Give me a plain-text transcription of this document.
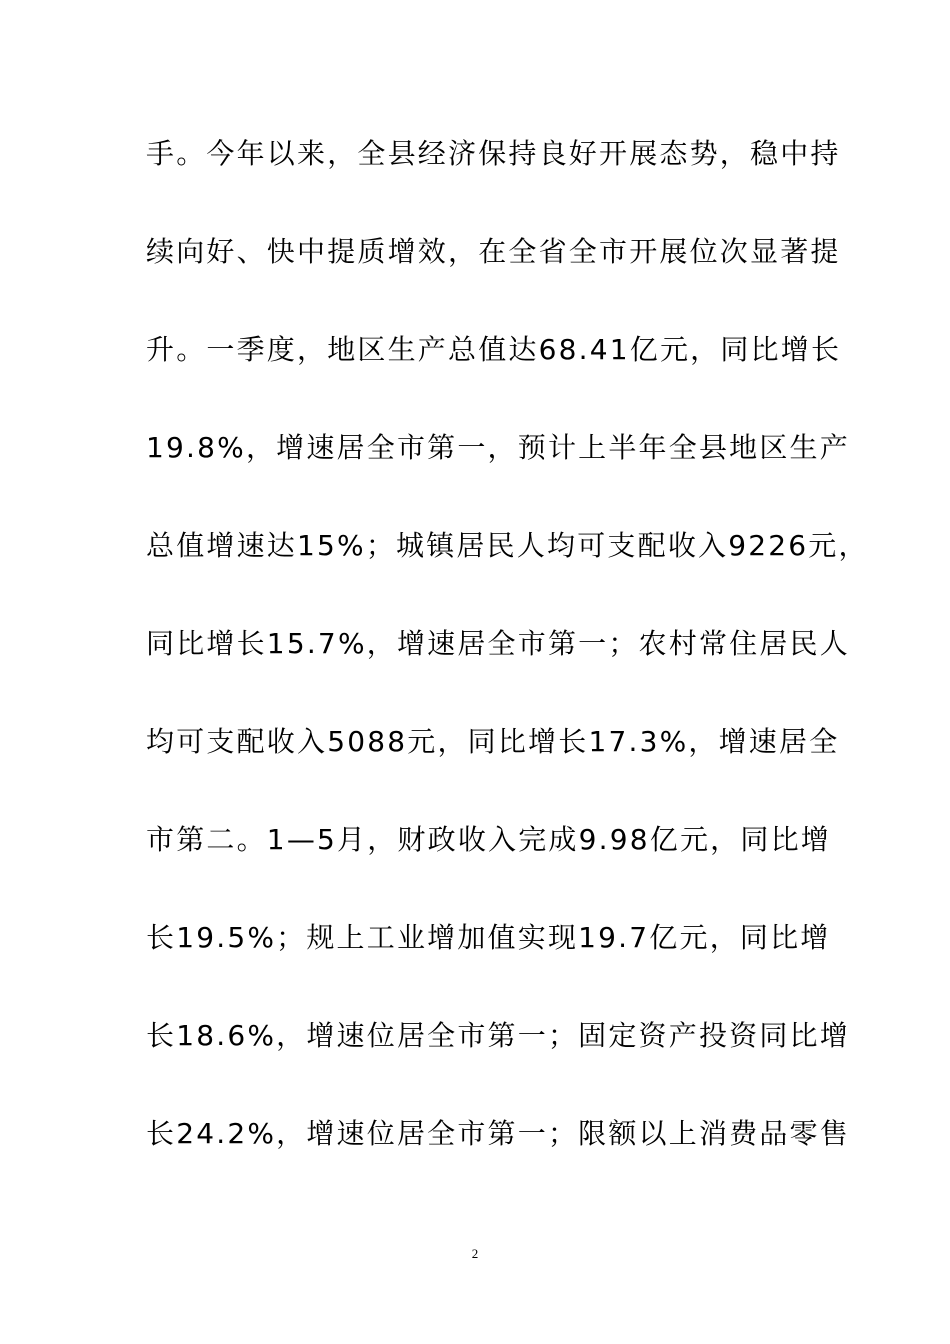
手。今年以来，全县经济保持良好开展态势，稳中持
续向好、快中提质增效，在全省全市开展位次显著提
升。一季度，地区生产总值达68.41亿元，同比增长
19.8%，增速居全市第一，预计上半年全县地区生产
总值增速达15%；城镇居民人均可支配收入9226元，
同比增长15.7%，增速居全市第一；农村常住居民人
均可支配收入5088元，同比增长17.3%，增速居全
市第二。1—5月，财政收入完成9.98亿元，同比增
长19.5%；规上工业增加值实现19.7亿元，同比增
长18.6%，增速位居全市第一；固定资产投资同比增
长24.2%，增速位居全市第一；限额以上消费品零售
2
